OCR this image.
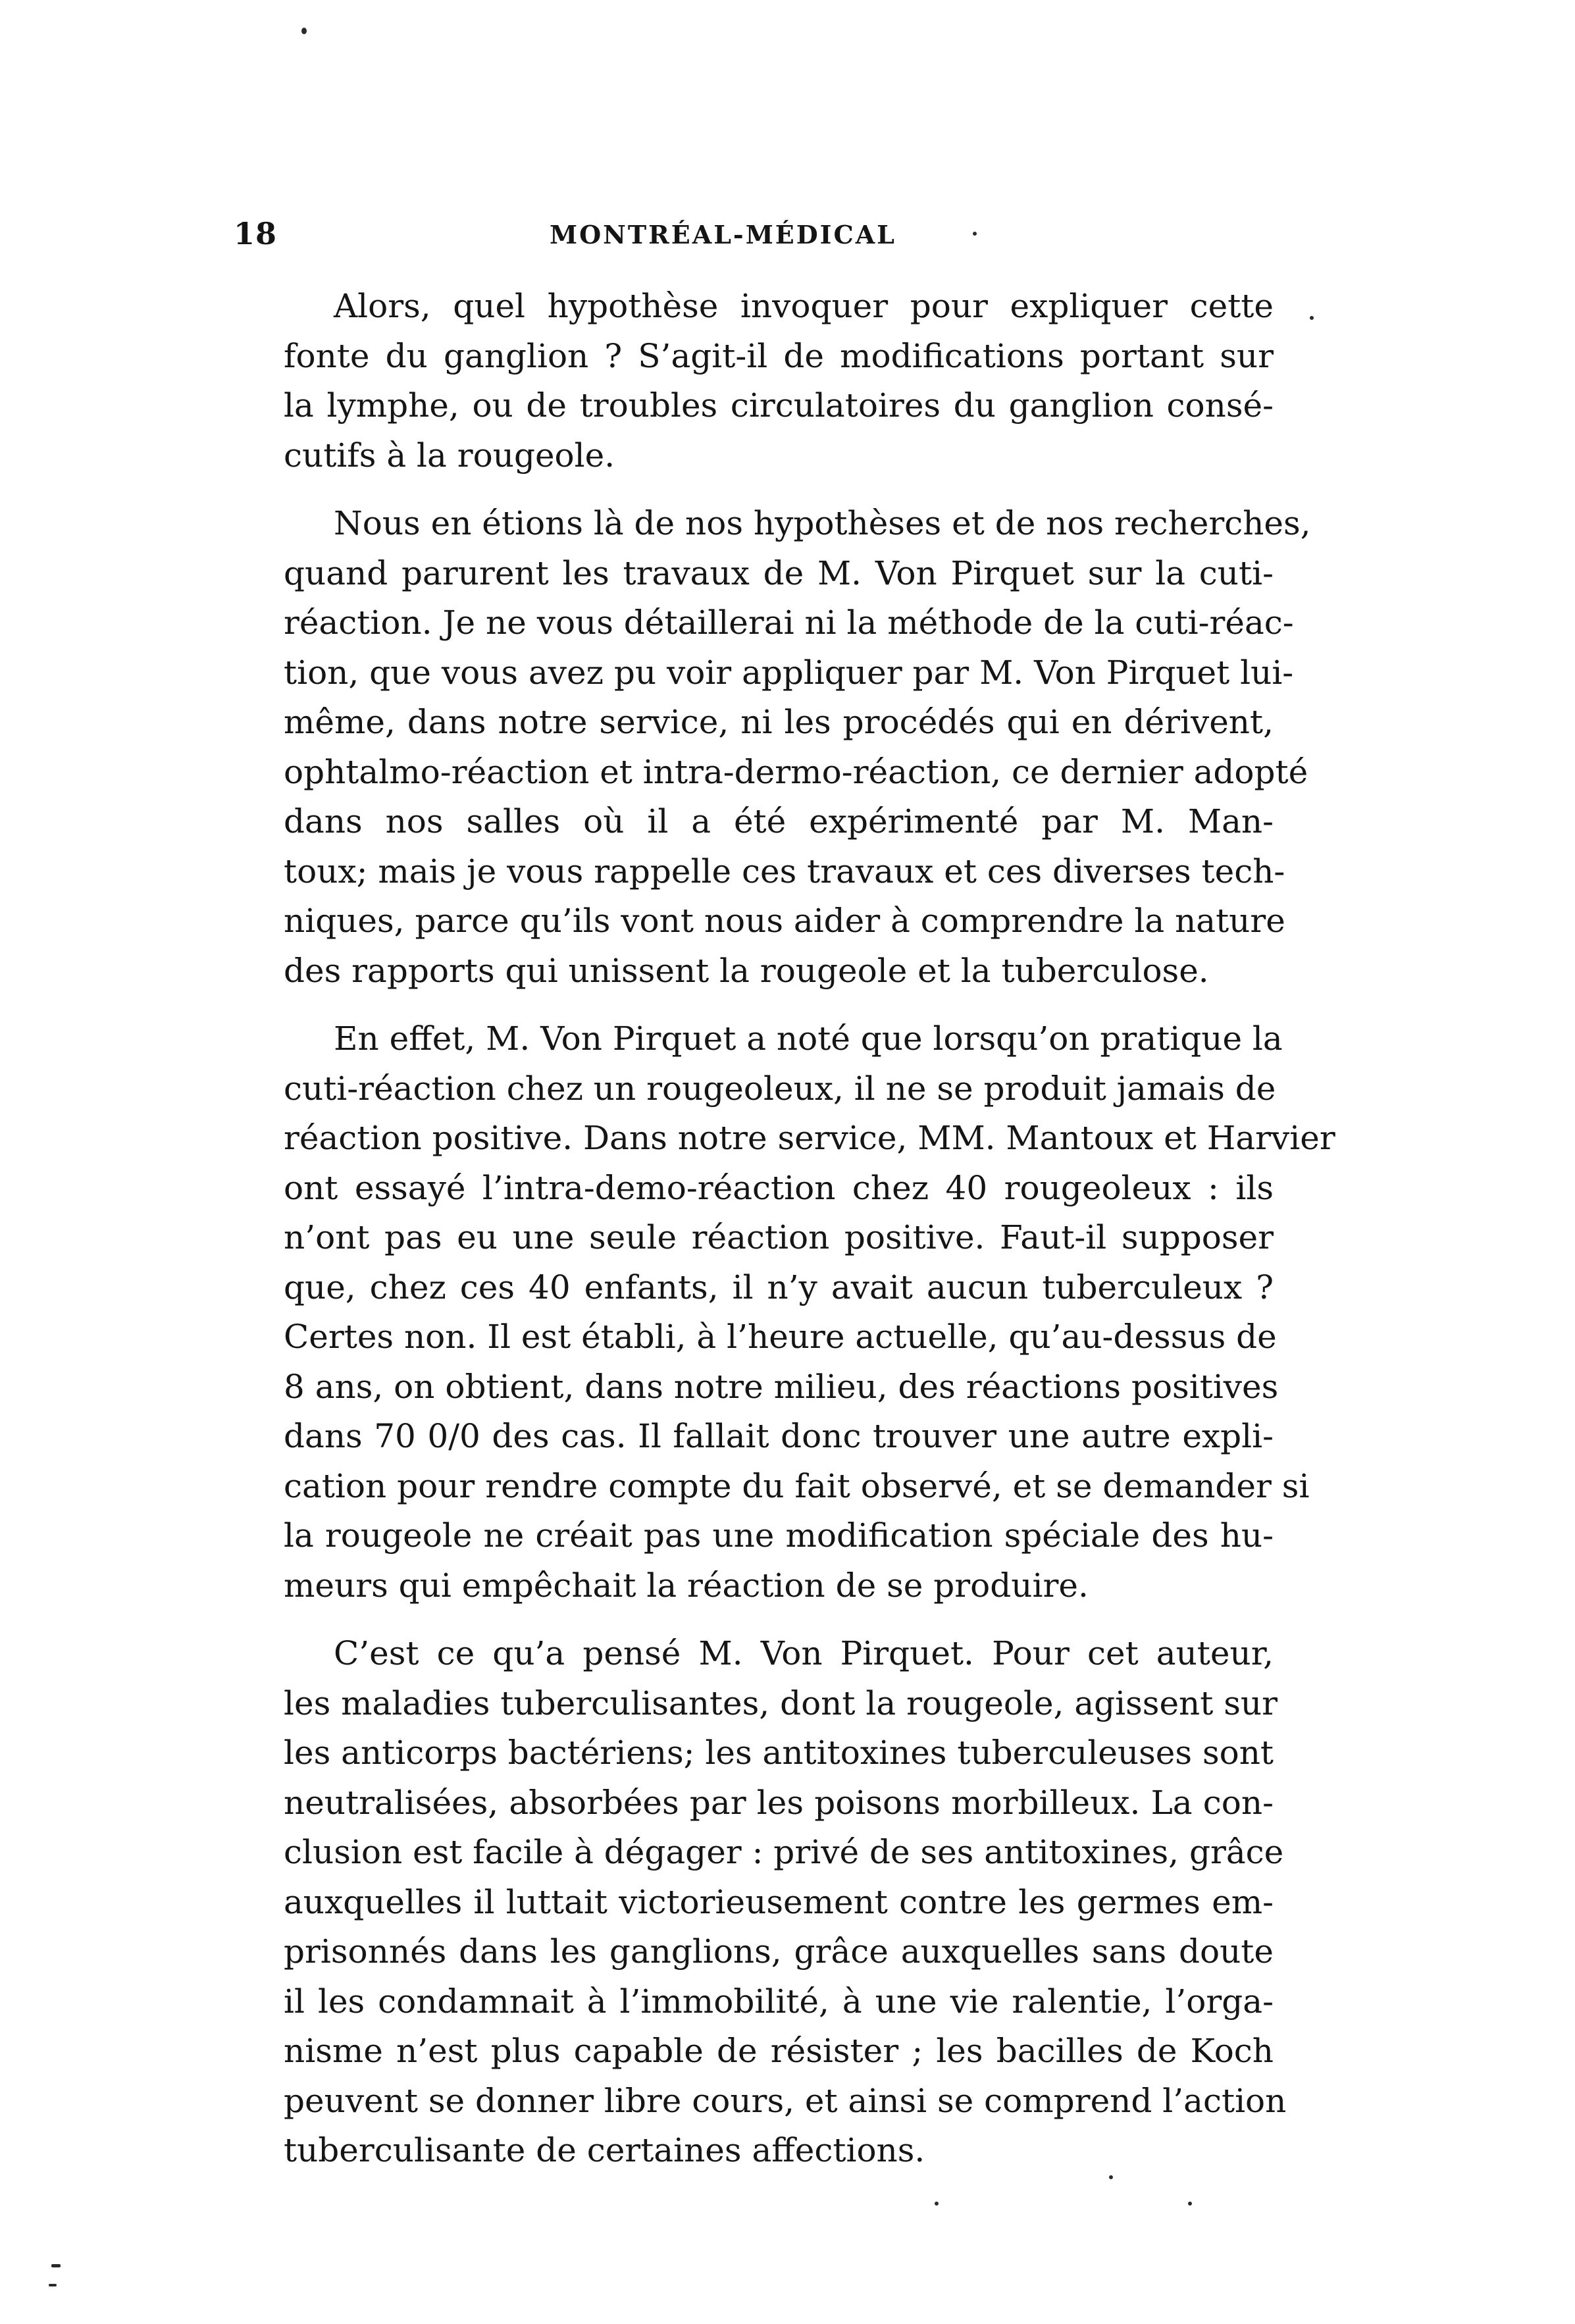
18	MONTRÉAL-MÉDICAL

Alors, quel hypothèse invoquer pour expliquer cette
fonte du ganglion ? S’agit-il de modifications portant sur
la lymphe, ou de troubles circulatoires du ganglion consé-
cutifs à la rougeole.

Nous en étions là de nos hypothèses et de nos recherches,
quand parurent les travaux de M. Von Pirquet sur la cuti-
réaction. Je ne vous détaillerai ni la méthode de la cuti-réac-
tion, que vous avez pu voir appliquer par M. Von Pirquet lui-
même, dans notre service, ni les procédés qui en dérivent,
ophtalmo-réaction et intra-dermo-réaction, ce dernier adopté
dans nos salles où il a été expérimenté par M. Man-
toux; mais je vous rappelle ces travaux et ces diverses tech-
niques, parce qu’ils vont nous aider à comprendre la nature
des rapports qui unissent la rougeole et la tuberculose.

En effet, M. Von Pirquet a noté que lorsqu’on pratique la
cuti-réaction chez un rougeoleux, il ne se produit jamais de
réaction positive. Dans notre service, MM. Mantoux et Harvier
ont essayé l’intra-demo-réaction chez 40 rougeoleux : ils
n’ont pas eu une seule réaction positive. Faut-il supposer
que, chez ces 40 enfants, il n’y avait aucun tuberculeux ?
Certes non. Il est établi, à l’heure actuelle, qu’au-dessus de
8 ans, on obtient, dans notre milieu, des réactions positives
dans 70 0/0 des cas. Il fallait donc trouver une autre expli-
cation pour rendre compte du fait observé, et se demander si
la rougeole ne créait pas une modification spéciale des hu-
meurs qui empêchait la réaction de se produire.

C’est ce qu’a pensé M. Von Pirquet. Pour cet auteur,
les maladies tuberculisantes, dont la rougeole, agissent sur
les anticorps bactériens; les antitoxines tuberculeuses sont
neutralisées, absorbées par les poisons morbilleux. La con-
clusion est facile à dégager : privé de ses antitoxines, grâce
auxquelles il luttait victorieusement contre les germes em-
prisonnés dans les ganglions, grâce auxquelles sans doute
il les condamnait à l’immobilité, à une vie ralentie, l’orga-
nisme n’est plus capable de résister ; les bacilles de Koch
peuvent se donner libre cours, et ainsi se comprend l’action
tuberculisante de certaines affections.
